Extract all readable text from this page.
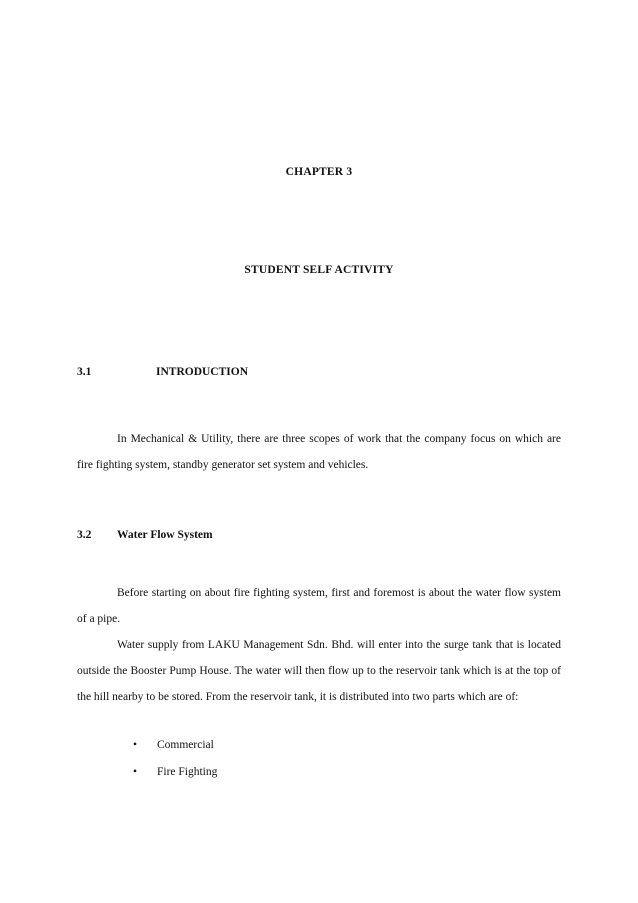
CHAPTER 3
STUDENT SELF ACTIVITY
3.1	INTRODUCTION
In Mechanical & Utility, there are three scopes of work that the company focus on which are fire fighting system, standby generator set system and vehicles.
3.2 Water Flow System
Before starting on about fire fighting system, first and foremost is about the water flow system of a pipe.
Water supply from LAKU Management Sdn. Bhd. will enter into the surge tank that is located outside the Booster Pump House. The water will then flow up to the reservoir tank which is at the top of the hill nearby to be stored. From the reservoir tank, it is distributed into two parts which are of:
• Commercial
• Fire Fighting
